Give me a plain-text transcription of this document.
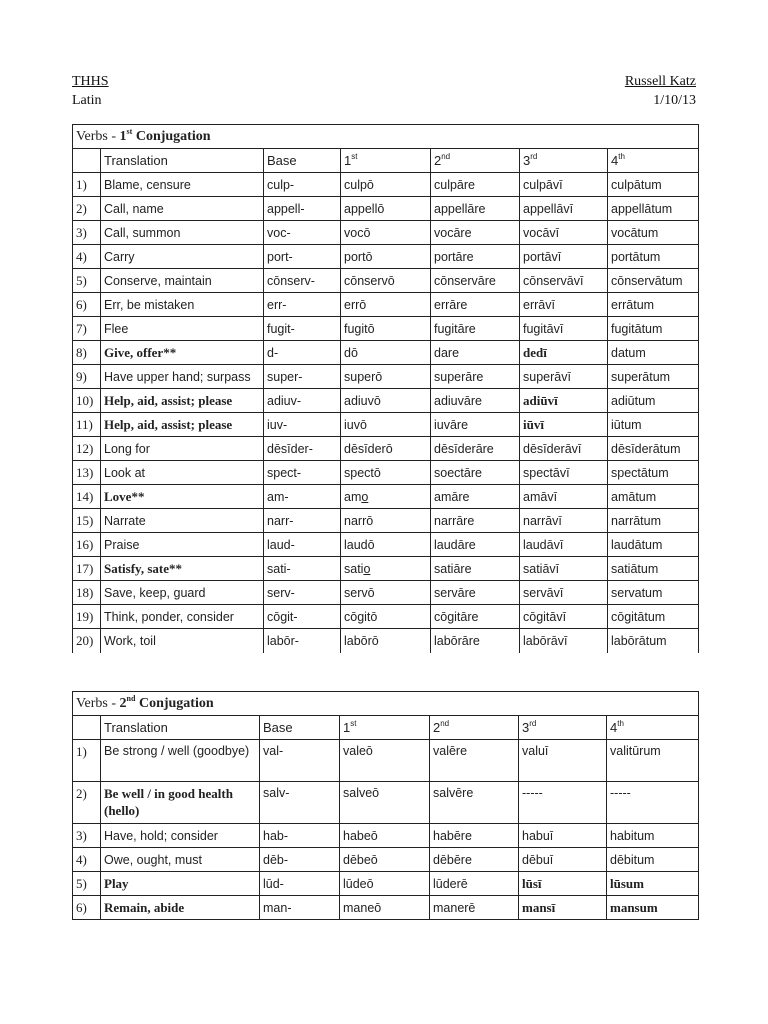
THHS
Latin
Russell Katz
1/10/13
Verbs - 1st Conjugation						
	Translation	Base	1st	2nd	3rd	4th
1)	Blame, censure	culp-	culpō	culpāre	culpāvī	culpātum
2)	Call, name	appell-	appellō	appellāre	appellāvī	appellātum
3)	Call, summon	voc-	vocō	vocāre	vocāvī	vocātum
4)	Carry	port-	portō	portāre	portāvī	portātum
5)	Conserve, maintain	cōnserv-	cōnservō	cōnservāre	cōnservāvī	cōnservātum
6)	Err, be mistaken	err-	errō	errāre	errāvī	errātum
7)	Flee	fugit-	fugitō	fugitāre	fugitāvī	fugitātum
8)	Give, offer**	d-	dō	dare	dedī	datum
9)	Have upper hand; surpass	super-	superō	superāre	superāvī	superātum
10)	Help, aid, assist; please	adiuv-	adiuvō	adiuvāre	adiūvī	adiūtum
11)	Help, aid, assist; please	iuv-	iuvō	iuvāre	iūvī	iūtum
12)	Long for	dēsīder-	dēsīderō	dēsīderāre	dēsīderāvī	dēsīderātum
13)	Look at	spect-	spectō	soectāre	spectāvī	spectātum
14)	Love**	am-	amo	amāre	amāvī	amātum
15)	Narrate	narr-	narrō	narrāre	narrāvī	narrātum
16)	Praise	laud-	laudō	laudāre	laudāvī	laudātum
17)	Satisfy, sate**	sati-	satio	satiāre	satiāvī	satiātum
18)	Save, keep, guard	serv-	servō	servāre	servāvī	servatum
19)	Think, ponder, consider	cōgit-	cōgitō	cōgitāre	cōgitāvī	cōgitātum
20)	Work, toil	labōr-	labōrō	labōrāre	labōrāvī	labōrātum
Verbs - 2nd Conjugation						
	Translation	Base	1st	2nd	3rd	4th
1)	Be strong / well (goodbye)	val-	valeō	valēre	valuī	valitūrum
2)	Be well / in good health (hello)	salv-	salveō	salvēre	-----	-----
3)	Have, hold; consider	hab-	habeō	habēre	habuī	habitum
4)	Owe, ought, must	dēb-	dēbeō	dēbēre	dēbuī	dēbitum
5)	Play	lūd-	lūdeō	lūderē	lūsī	lūsum
6)	Remain, abide	man-	maneō	manerē	mansī	mansum
